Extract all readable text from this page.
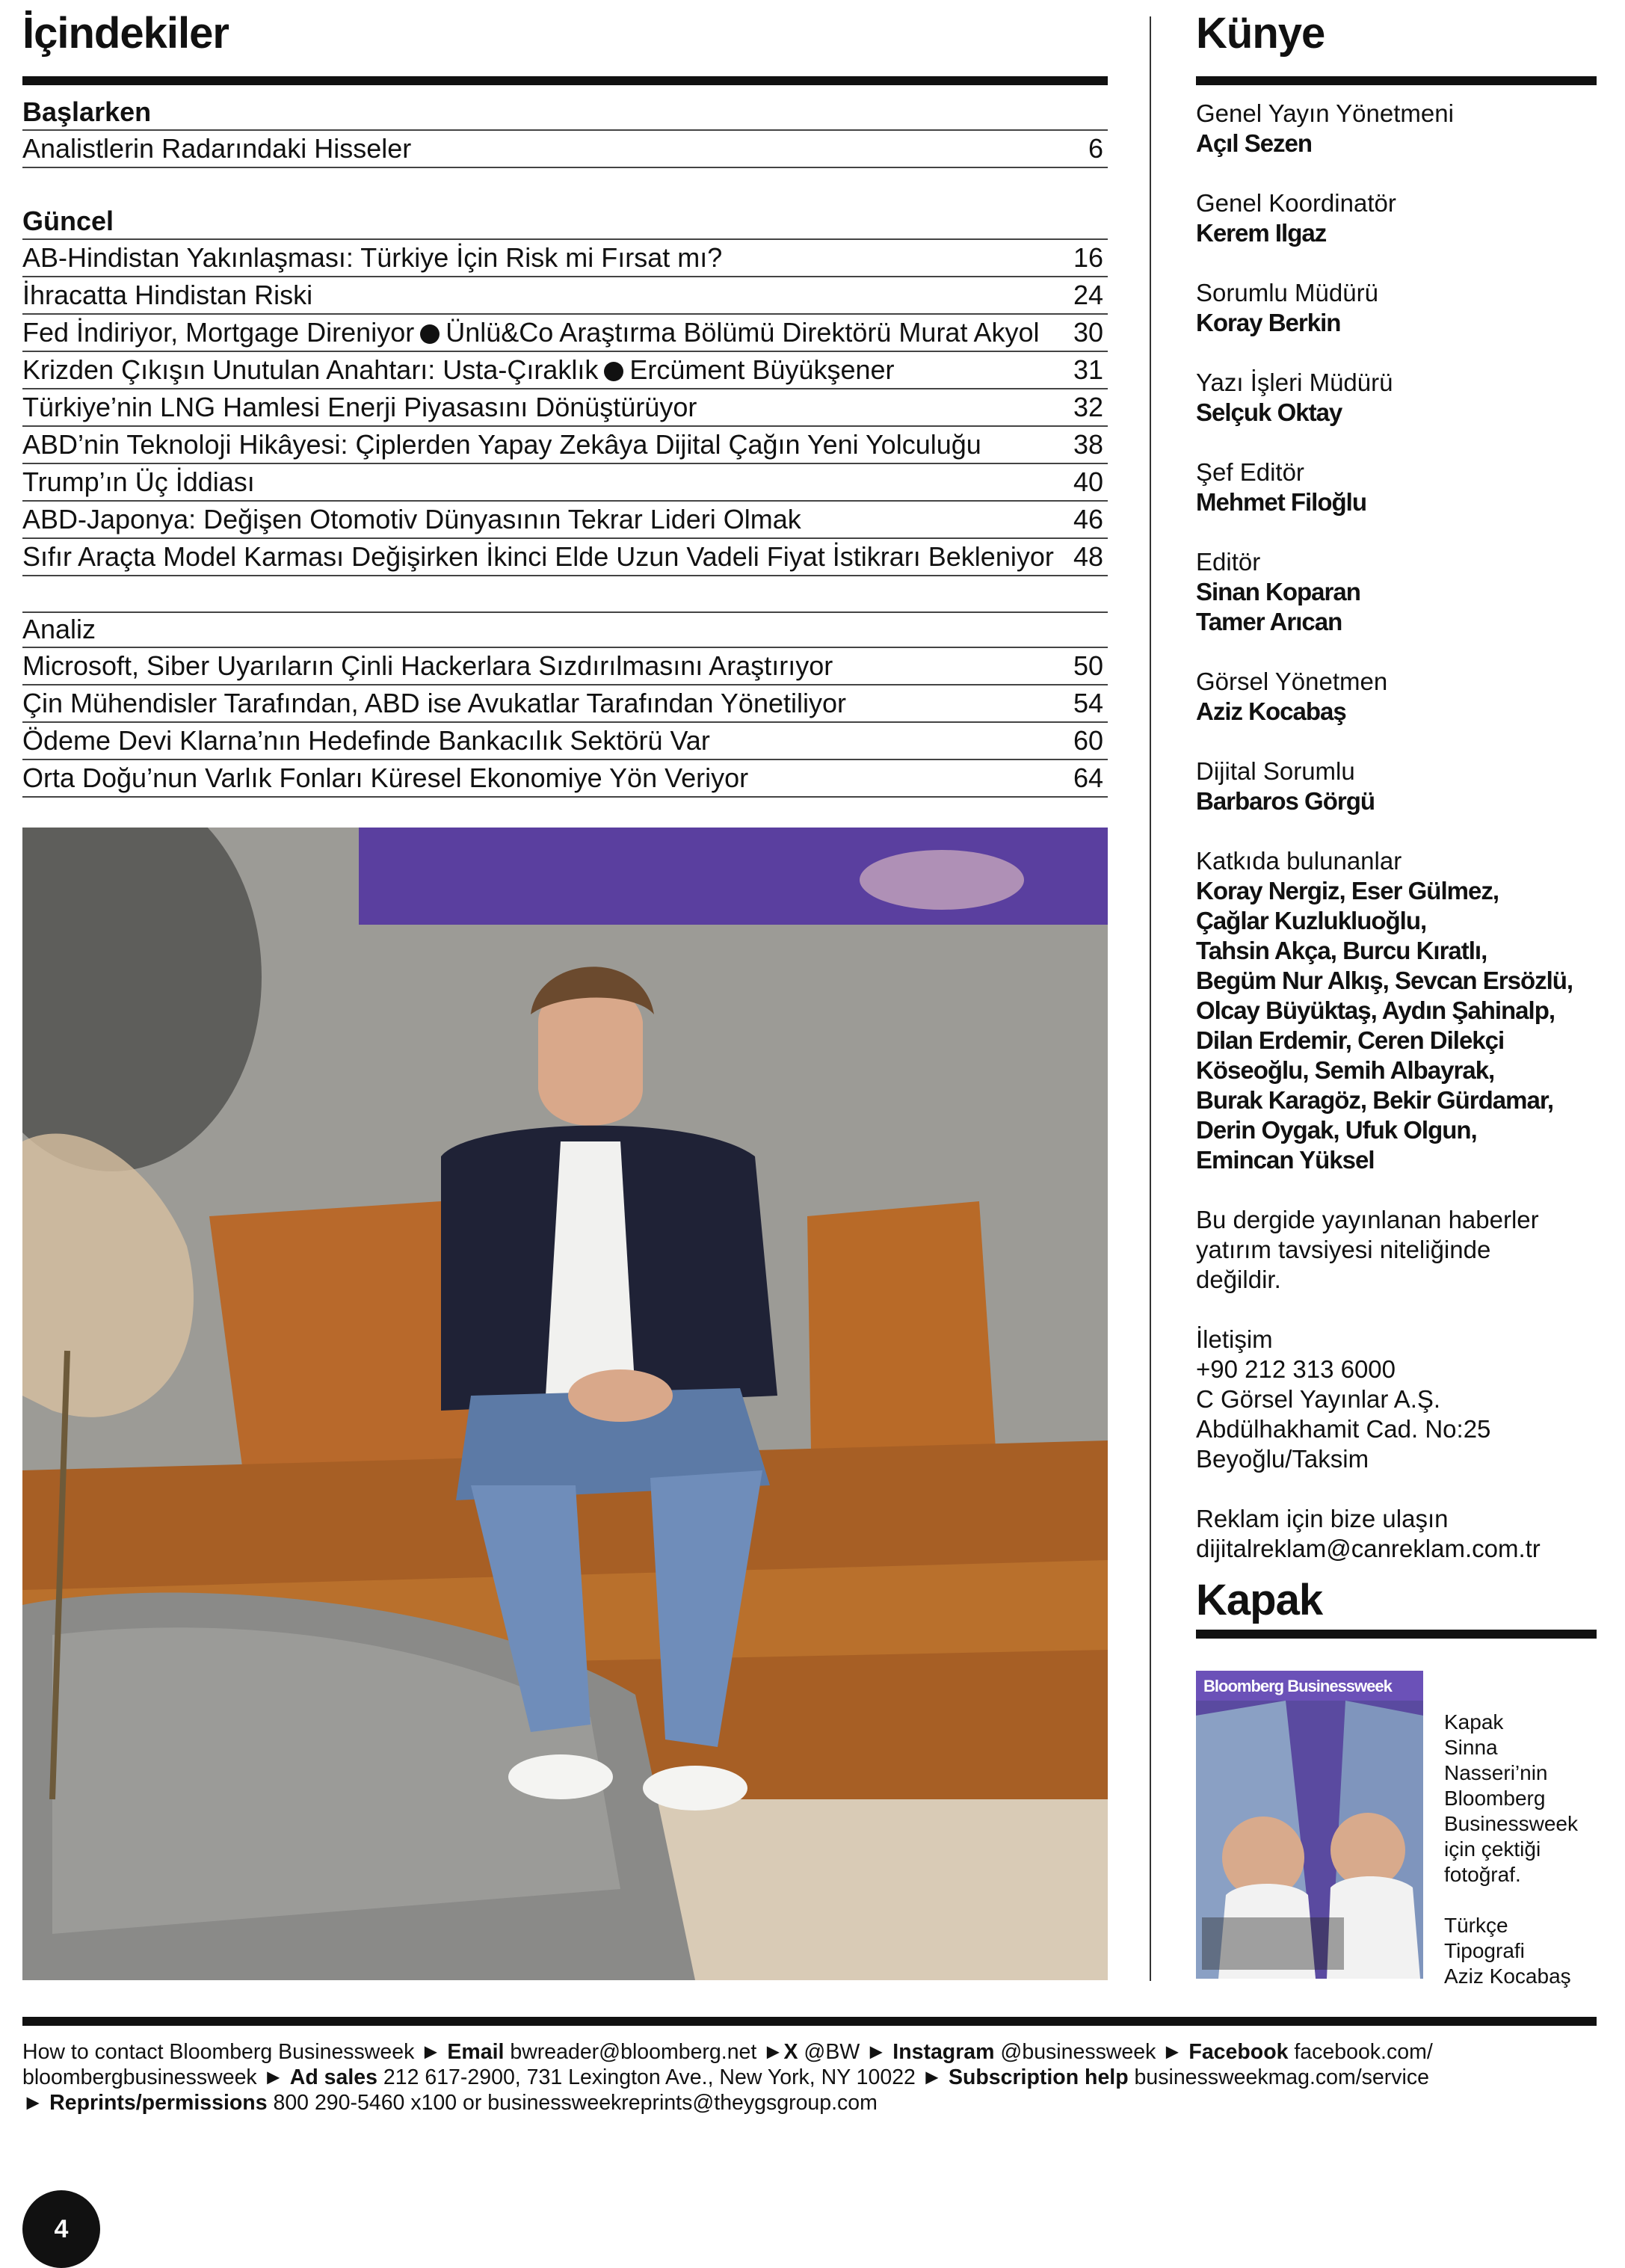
İçindekiler
Başlarken
Analistlerin Radarındaki Hisseler	6
Güncel
AB-Hindistan Yakınlaşması: Türkiye İçin Risk mi Fırsat mı?	16
İhracatta Hindistan Riski	24
Fed İndiriyor, Mortgage Direniyor Ünlü&Co Araştırma Bölümü Direktörü Murat Akyol 30
Krizden Çıkışın Unutulan Anahtarı: Usta-Çıraklık Ercüment Büyükşener	31
Türkiye’nin LNG Hamlesi Enerji Piyasasını Dönüştürüyor	32
ABD’nin Teknoloji Hikâyesi: Çiplerden Yapay Zekâya Dijital Çağın Yeni Yolculuğu	38
Trump’ın Üç İddiası	40
ABD-Japonya: Değişen Otomotiv Dünyasının Tekrar Lideri Olmak	46
Sıfır Araçta Model Karması Değişirken İkinci Elde Uzun Vadeli Fiyat İstikrarı Bekleniyor 48
Analiz
Microsoft, Siber Uyarıların Çinli Hackerlara Sızdırılmasını Araştırıyor	50
Çin Mühendisler Tarafından, ABD ise Avukatlar Tarafından Yönetiliyor	54
Ödeme Devi Klarna’nın Hedefinde Bankacılık Sektörü Var	60
Orta Doğu’nun Varlık Fonları Küresel Ekonomiye Yön Veriyor	64
Künye

Genel Yayın Yönetmeni

Açıl Sezen

Genel Koordinatör

Kerem Ilgaz

Sorumlu Müdürü

Koray Berkin

Yazı İşleri Müdürü

Selçuk Oktay

Şef Editör

Mehmet Filoğlu

Editör

Sinan Koparan

Tamer Arıcan

Görsel Yönetmen

Aziz Kocabaş

Dijital Sorumlu

Barbaros Görgü

Katkıda bulunanlar

Koray Nergiz, Eser Gülmez,

Çağlar Kuzlukluoğlu,

Tahsin Akça, Burcu Kıratlı,

Begüm Nur Alkış, Sevcan Ersözlü,

Olcay Büyüktaş, Aydın Şahinalp,

Dilan Erdemir, Ceren Dilekçi

Köseoğlu, Semih Albayrak,

Burak Karagöz, Bekir Gürdamar,

Derin Oygak, Ufuk Olgun,

Emincan Yüksel

Bu dergide yayınlanan haberler

yatırım tavsiyesi niteliğinde

değildir.

İletişim

+90 212 313 6000

C Görsel Yayınlar A.Ş.

Abdülhakhamit Cad. No:25

Beyoğlu/Taksim

Reklam için bize ulaşın

dijitalreklam@canreklam.com.tr

Kapak
Bloomberg Businessweek
Kapak
Sinna
Nasseri’nin
Bloomberg
Businessweek
için çektiği
fotoğraf.
Türkçe
Tipografi
Aziz Kocabaş
How to contact Bloomberg Businessweek ► Email bwreader@bloomberg.net ►X @BW ► Instagram @businessweek ► Facebook facebook.com/
bloombergbusinessweek ► Ad sales 212 617-2900, 731 Lexington Ave., New York, NY 10022 ► Subscription help businessweekmag.com/service
► Reprints/permissions 800 290-5460 x100 or businessweekreprints@theygsgroup.com
4
